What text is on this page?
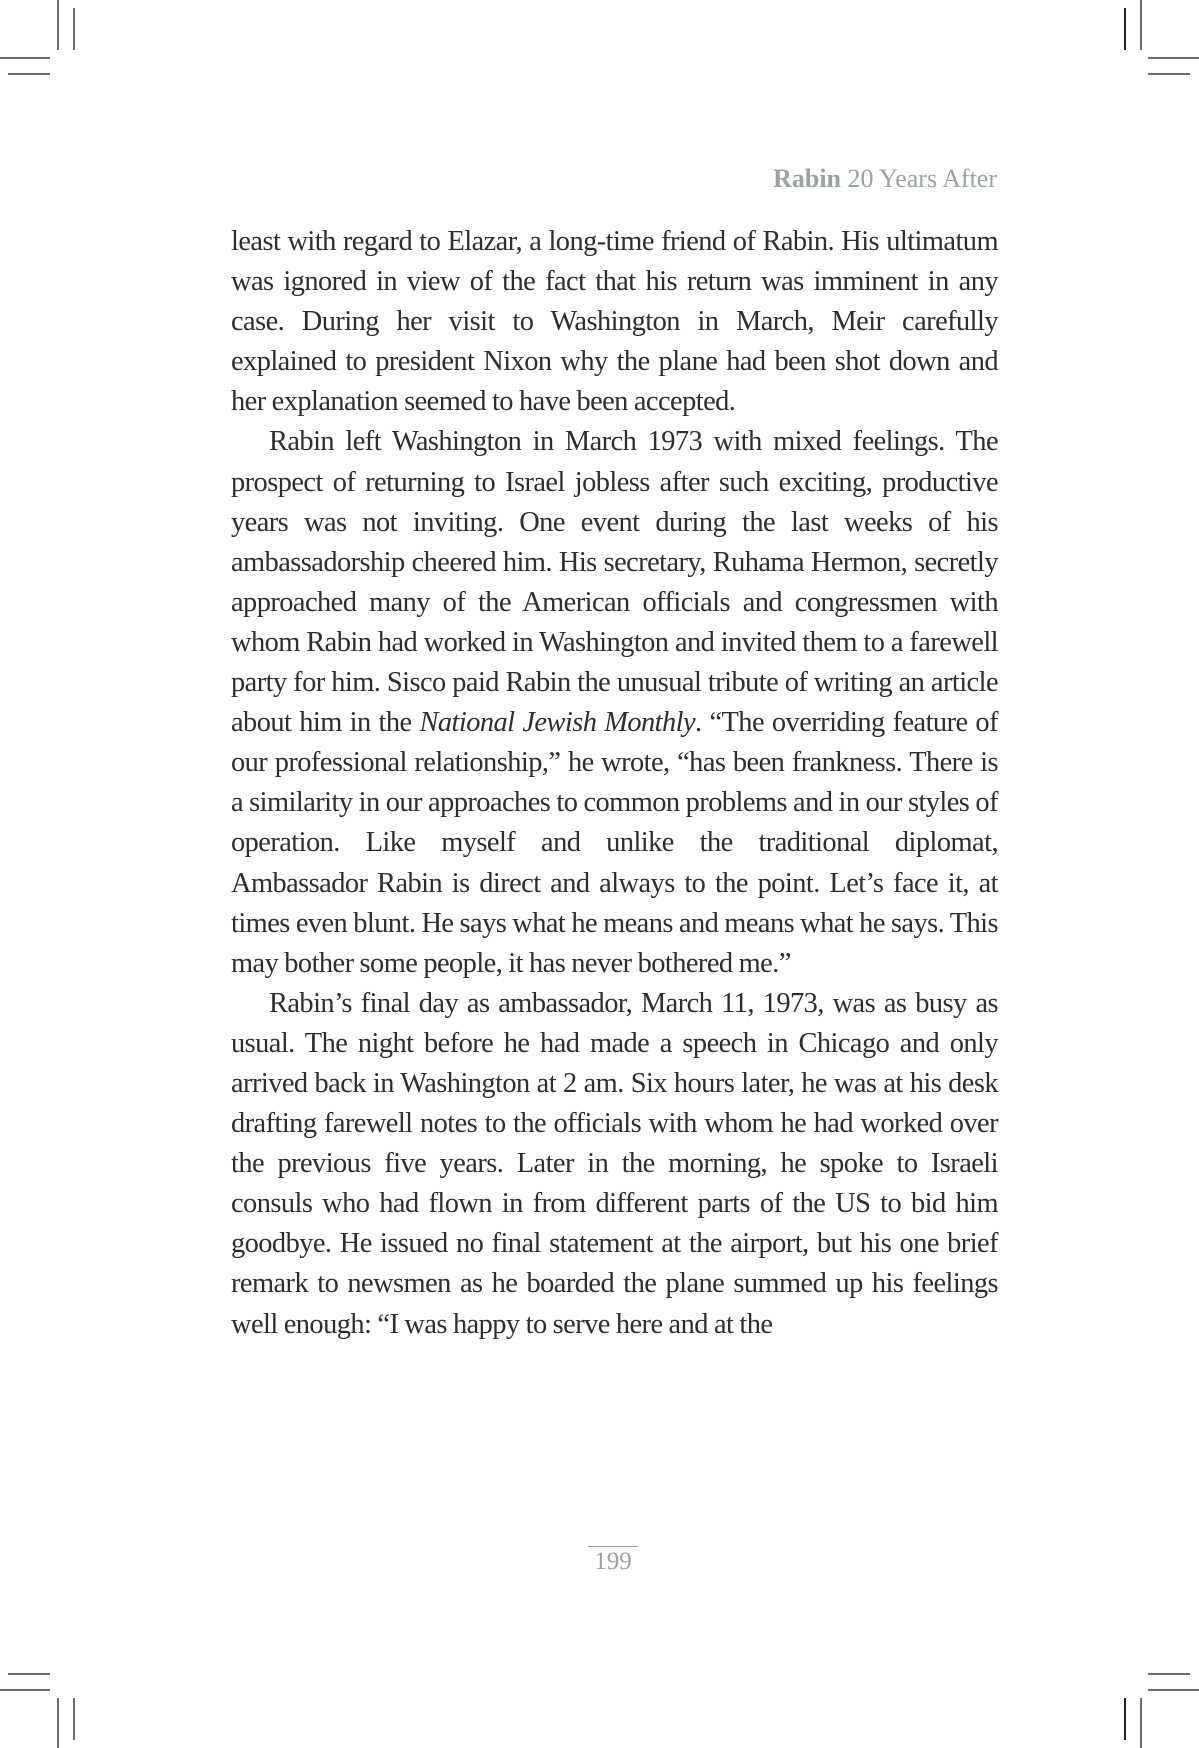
Rabin 20 Years After

least with regard to Elazar, a long-time friend of Rabin. His ultimatum was ignored in view of the fact that his return was imminent in any case. During her visit to Washington in March, Meir carefully explained to president Nixon why the plane had been shot down and her explanation seemed to have been accepted.

Rabin left Washington in March 1973 with mixed feelings. The prospect of returning to Israel jobless after such exciting, productive years was not inviting. One event during the last weeks of his ambassadorship cheered him. His secretary, Ruhama Hermon, secretly approached many of the American officials and congressmen with whom Rabin had worked in Washington and invited them to a farewell party for him. Sisco paid Rabin the unusual tribute of writing an article about him in the National Jewish Monthly. “The overriding feature of our professional relationship,” he wrote, “has been frankness. There is a similarity in our approaches to common problems and in our styles of operation. Like myself and unlike the traditional diplomat, Ambassador Rabin is direct and always to the point. Let’s face it, at times even blunt. He says what he means and means what he says. This may bother some people, it has never bothered me.”

Rabin’s final day as ambassador, March 11, 1973, was as busy as usual. The night before he had made a speech in Chicago and only arrived back in Washington at 2 am. Six hours later, he was at his desk drafting farewell notes to the officials with whom he had worked over the previous five years. Later in the morning, he spoke to Israeli consuls who had flown in from different parts of the US to bid him goodbye. He issued no final statement at the airport, but his one brief remark to newsmen as he boarded the plane summed up his feelings well enough: “I was happy to serve here and at the

199
